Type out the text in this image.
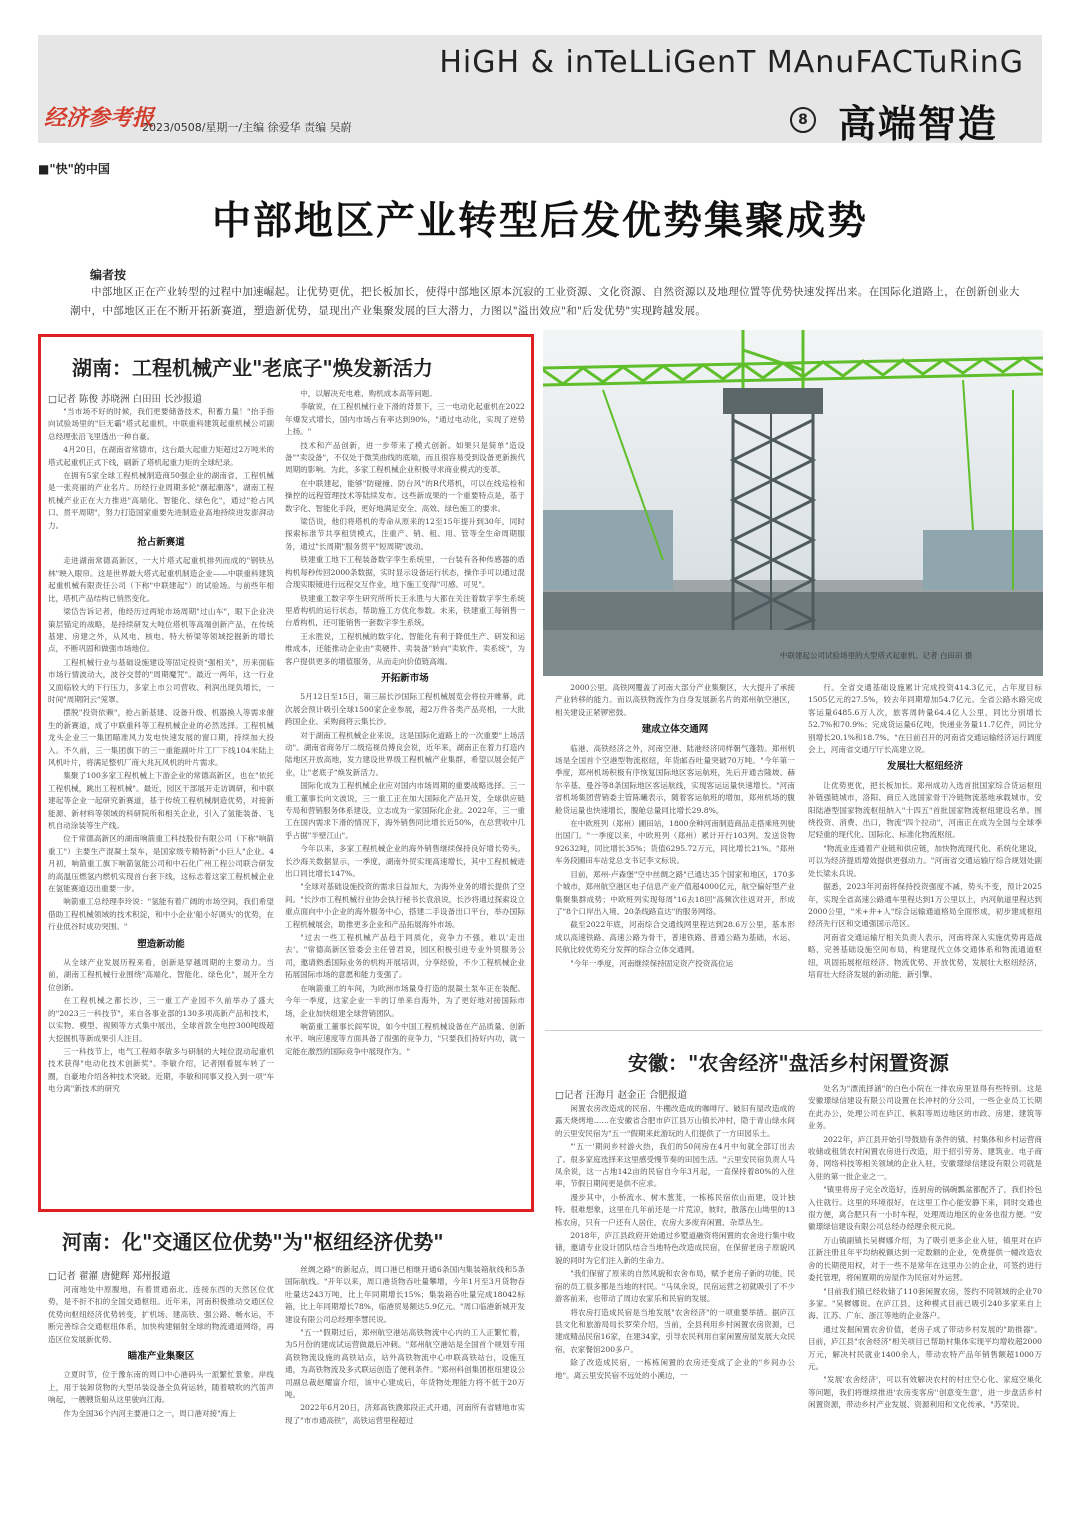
HiGH & inTeLLiGenT MAnuFACTuRinG
经济参考报
2023/0508/星期一/主编 徐爱华 责编 吴蔚	8 高端智造
■"快"的中国
中部地区产业转型后发优势集聚成势
编者按
中部地区正在产业转型的过程中加速崛起。让优势更优，把长板加长，使得中部地区原本沉寂的工业资源、文化资源、自然资源以及地理位置等优势快速发挥出来。在国际化道路上，在创新创业大潮中，中部地区正在不断开拓新赛道，塑造新优势，显现出产业集聚发展的巨大潜力，力图以"溢出效应"和"后发优势"实现跨越发展。
湖南：工程机械产业"老底子"焕发新活力
□记者 陈俊 苏晓洲 白田田 长沙报道

"当市场不好的时候，我们更要储备技术，积蓄力量！"抬手指向试验场里的"巨无霸"塔式起重机，中联重科建筑起重机械公司副总经理张沿飞里透出一种自豪。

4月20日，在湖南省常德市，这台最大起重力矩超过2万吨米的塔式起重机正式下线，刷新了塔机起重力矩的全球纪录。

在拥有5家全球工程机械制造商50强企业的湖南省，工程机械是一张亮丽的产业名片。历经行业周期多轮"潮起潮落"，湖南工程机械产业正在大力推进"高端化、智能化、绿色化"，通过"抢占风口、贯平周期"，努力打造国家重要先进制造业高地持续迸发澎湃动力。

抢占新赛道

走进湖南常德高新区，一大片塔式起重机排列而成的"钢铁丛林"映入眼帘。这是世界最大塔式起重机制造企业——中联重科建筑起重机械有限责任公司（下称"中联建起"）的试验场。与前些年相比，塔机产品结构已悄然变化。

梁岱告诉记者，他经历过两轮市场周期"过山车"，眼下企业决策层锚定的战略，是持续研发大吨位塔机等高端创新产品，在传统基建、房建之外，从风电、核电、特大桥梁等领域挖掘新的增长点，不断巩固和做强市场地位。

工程机械行业与基础设施建设等固定投资"强相关"，历来面临市场行情波动大，波谷交替的"周期魔咒"。最近一两年，这一行业又面临较大的下行压力，多家上市公司营收、利润出现负增长，一时间"周期阴云"笼罩。

摆脱"投资依赖"，抢占新基建、设备升级、机器换人等需求催生的新赛道，成了中联重科等工程机械企业的必然选择。工程机械龙头企业三一集团瞄准风力发电快速发展的窗口期，持续加大投入。不久前，三一集团旗下的三一重能副叶片工厂下线104米陆上风机叶片，将满足整机厂商大兆瓦风机的叶片需求。

集聚了100多家工程机械上下游企业的常德高新区，也在"依托工程机械，跳出工程机械"。最近，园区干部展开走访调研，和中联建起等企业一起研究新赛道，基于传统工程机械制造优势，对接新能源、新材料等领域的科研院所和相关企业，引入了氢能装备、飞机自动涂装等生产线。

位于常德高新区的湖南响箭重工科技股份有限公司（下称"响箭重工"）主要生产混凝土泵车，是国家级专精特新"小巨人"企业。4月初，响箭重工旗下响箭氢能公司和中石化广州工程公司联合研发的高温压燃氢内燃机实现首台套下线，这标志着这家工程机械企业在氢能赛道迈出重要一步。

响箭重工总经理李玲说："氢能有着广阔的市场空间，我们希望借助工程机械领域的技术积淀，和中小企业'船小好调头'的优势，在行业低谷时成功突围。"

塑造新动能

从全球产业发展历程来看，创新是穿越周期的主要动力。当前，湖南工程机械行业围绕"高端化、智能化、绿色化"，展开全方位创新。

在工程机械之都长沙，三一重工产业园不久前举办了盛大的"2023三一科技节"，来自各事业部的130多项高新产品和技术，以实物、模型、视频等方式集中展出，全球首款全电控300吨级超大挖掘机等新成果引人注目。

三一科技节上，电气工程师李敏多与研制的大吨位混动起重机技术获得"电动化技术创新奖"。李敏介绍，记者刚看展车转了一圈，自豪地介绍各种技术突破。近期，李敏和同事又投入到一项"车电分离"新技术的研究

中，以解决充电难、购机成本高等问题。

李敏说，在工程机械行业下滑的背景下，三一电动化起重机在2022年爆发式增长，国内市场占有率达到90%，"通过电动化，实现了逆势上扬。"

技术和产品创新，进一步带来了模式创新。如果只是简单"造设备""卖设备"，不仅处于微笑曲线的底端，而且很容易受到设备更新换代周期的影响。为此，多家工程机械企业积极寻求商业模式的变革。

在中联建起，能够"防碰撞、防台风"的R代塔机，可以在线巡检和操控的远程管理技术等陆续发布。这些新成果的一个重要特点是，基于数字化、智能化手段，更好地满足安全、高效、绿色施工的要求。

梁岱说，他们将塔机的寿命从原来的12至15年提升到30年，同时探索标准节共享租赁模式，注重产、销、租、用、管等全生命周期服务，通过"长周期"服务贯平"短周期"波动。

铁建重工地下工程装备数字孪生系统里，一台装有各种传感器的盾构机每秒传回2000条数据，实时显示设备运行状态，操作手可以通过混合现实眼镜进行远程交互作业，地下施工变得"可感、可见"。

铁建重工数字孪生研究所所长王永胜与大都在关注着数字孪生系统里盾构机的运行状态，帮助施工方优化参数。未来，铁建重工每销售一台盾构机，还可能销售一套数字孪生系统。

王永胜说，工程机械的数字化、智能化有利于降低生产、研发和运维成本，还能推动企业由"卖硬件、卖装备"转向"卖软件、卖系统"，为客户提供更多的增值服务，从而走向价值链高端。

开拓新市场

5月12日至15日，第三届长沙国际工程机械展览会将拉开帷幕，此次展会预计吸引全球1500家企业参展，超2万件各类产品亮相，一大批跨国企业、采购商将云集长沙。

对于湖南工程机械企业来说，这是国际化道路上的一次重要"上场活动"。湖南省商务厅二级巡视员傅良会说，近年来，湖南正在着力打造内陆地区开放高地，发力建设世界级工程机械产业集群，希望以展会促产业，让"老底子"焕发新活力。

国际化成为工程机械企业应对国内市场周期的重要战略选择。三一重工董事长向文波说，三一重工正在加大国际化产品开发，全球供应链专局和营销服务体系建设，立志成为一家国际化企业。2022年，三一重工在国内需求下滑的情况下，海外销售同比增长近50%，在总营收中几乎占据"半壁江山"。

今年以来，多家工程机械企业的海外销售继续保持良好增长势头。长沙海关数据显示，一季度，湖南外贸实现高速增长，其中工程机械进出口同比增长147%。

"全球对基础设施投资的需求日益加大，为海外业务的增长提供了空间。"长沙市工程机械行业协会执行秘书长袁浪说，长沙将通过探索设立重点面向中小企业的海外服务中心，搭建二手设备出口平台，举办国际工程机械展会，助推更多企业和产品拓展海外市场。

"过去一些工程机械产品趋于同质化，竞争力不强，难以'走出去'。"常德高新区管委会主任曾君说，园区积极引进专业外贸服务公司，邀请熟悉国际业务的机构开展培训，分享经验，不少工程机械企业拓展国际市场的意愿和能力变强了。

在响箭重工的车间，为欧洲市场量身打造的混凝土泵车正在装配。今年一季度，这家企业一半的订单来自海外，为了更好地对接国际市场，企业加快组建全球营销团队。

响箭重工董事长阎军说，如今中国工程机械设备在产品质量、创新水平、响应速度等方面具备了很强的竞争力，"只要我们持好内功，就一定能在激烈的国际竞争中展现作为。"

中联建起公司试验场里的大型塔式起重机。记者 白田田 摄

2000公里。高铁网覆盖了河南大部分产业集聚区，大大提升了承接产业转移的能力。而以高铁物流作为自身发展新名片的郑州航空港区，相关建设正紧锣密鼓。

建成立体交通网

临港、高铁经济之外，河南空港、陆港经济同样朝气蓬勃。郑州机场是全国首个空港型物流枢纽，年货邮吞吐量突破70万吨。"今年第一季度，郑州机场积极有序恢复国际地区客运航班，先后开通吉隆坡、赫尔辛基、曼谷等8条国际地区客运航线，实现客运运量快速增长。"河南省机场集团营销委主管陈曦表示，随着客运航班的增加，郑州机场的腹舱货运量也快速增长，腹舱总量同比增长29.8%。

在中欧班列（郑州）圃田站，1800余种河南制造商品走搭乘班列驶出国门。"一季度以来，中欧班列（郑州）累计开行103列。发送货物92632吨，同比增长35%；货值6295.72万元，同比增长21%。"郑州车务段圃田车站党总支书记李文标说。

目前，郑州-卢森堡"空中丝绸之路"已通达35个国家和地区，170多个城市，郑州航空港区电子信息产业产值超4000亿元，航空偏好型产业集聚集群成势；中欧班列实现每周"16去18回"高频次往返对开，形成了"8个口岸出入境、20条线路直达"的服务网络。

截至2022年底，河南综合交通线网里程达到28.6万公里，基本形成以高速铁路、高速公路为骨干，普速铁路、普通公路为基础，水运、民航比较优势充分发挥的综合立体交通网。

"今年一季度，河南继续保持固定资产投资高位运

行。全省交通基础设施累计完成投资414.3亿元，占年度目标1505亿元的27.5%，较去年同期增加54.7亿元。全省公路水路完成客运量6485.6万人次，旅客周转量64.4亿人公里，同比分别增长52.7%和70.9%；完成货运量6亿吨，快递业务量11.7亿件，同比分别增长20.1%和18.7%。"在日前召开的河南省交通运输经济运行调度会上，河南省交通厅厅长高建立说。

发展壮大枢纽经济

让优势更优，把长板加长。郑州成功入选首批国家综合货运枢纽补链强链城市，洛阳、商丘入选国家骨干冷链物流基地承载城市，安阳陆港型国家物流枢纽纳入"十四五"首批国家物流枢纽建设名单。围绕投资、消费、出口，物流"四个拉动"，河南正在成为全国与全球季尼轻重的现代化、国际化、标准化物流枢纽。

"物流业连通着产业链和供应链，加快物流现代化、系统化建设，可以为经济提质增效提供更强动力。"河南省交通运输厅综合规划处副处长梁永兵说。

据悉，2023年河南将保持投资强度不减、势头不变，预计2025年，实现全省高速公路通车里程达到1万公里以上，内河航道里程达到2000公里，"米+井+人"综合运输通道格局全面形成，初步建成枢纽经济先行区和交通强国示范区。

河南省交通运输厅相关负责人表示，河南将深入实施优势再造战略，完善基础设施空间布局，构建现代立体交通体系和物流通道枢纽，巩固拓展枢纽经济、物流优势、开放优势，发展壮大枢纽经济，培育壮大经济发展的新动能、新引擎。

安徽："农舍经济"盘活乡村闲置资源
□记者 汪海月 赵金正 合肥报道

闲置农房改造成的民宿、牛棚改造成的咖啡厅、破旧有屋改造成的露天烧烤地……在安徽省合肥市庐江县万山镇长冲村，隐于青山绿水间的云里安民宿为"五一"假期来此游玩的人们提供了一方田园乐土。

"'五一'期间乡村游火热，我们的50间房在4月中旬就全部订出去了。很多家庭选择来这里感受慢节奏的田园生活。"云里安民宿负责人马凤余说，这一占地142亩的民宿自今年3月起，一直保持着80%的入住率，节假日期间更是供不应求。

漫步其中，小桥流水、树木葱茏，一栋栋民宿依山而建，设计独特。很难想象，这里在几年前还是一片荒凉，彼时，散落在山坳里的13栋农房，只有一户还有人居住，农房大多废弃闲置、杂草丛生。

2018年，庐江县政府开始通过乡墅道融资将闲置的农舍进行集中收储，邀请专业设计团队结合当地特色改造成民宿，在保留老房子原貌风貌的同时为它们注入新的生命力。

"我们保留了原来的自然风貌和农舍布局，赋予老房子新的功能，民宿的员工很多都是当地的村民。"马凤余说，民宿运营之初就吸引了不少游客前来，也带动了周边农家乐和民宿的发展。

将农房打造成民宿是当地发展"农舍经济"的一项重要举措。据庐江县文化和旅游局局长罗荣介绍，当前，全县利用乡村闲置农房资源，已建成精品民宿16家，在建34家，引导农民利用自家闲置房屋发展大众民宿，农家餐馆200多户。

除了改造成民宿，一栋栋闲置的农房还变成了企业的"乡间办公地"。离云里安民宿不远处的小溪边，一

处名为"漂流择涵"的白色小院在一排农房里显得有些特别。这是安徽璟绿信建设有限公司设置在长冲村的分公司，一些企业员工长期在此办公，处理公司在庐江、枞阳等周边地区的市政、房建、建筑等业务。

2022年，庐江县开始引导鼓励有条件的镇、村集体和乡村运营商收储或租赁农村闲置农房进行改造，用于招引劳务、建筑业、电子商务、网络科技等相关领域的企业入驻，安徽璟绿信建设有限公司就是入驻的第一批企业之一。

"镇里将房子完全改造好，连厨房的锅碗瓢盆都配齐了，我们拎包入住就行。这里的环境很好，在这里工作心能安静下来，同时交通也很方便，离合肥只有一小时车程，处理周边地区的业务也很方便。"安徽璟绿信建设有限公司总经办经理余祝元说。

万山镇副镇长吴樨娜介绍，为了吸引更多企业入驻，镇里对在庐江新注册且年平均纳税额达到一定数额的企业，免费提供一幢改造农舍的长期使用权，对于一些不是常年在这里办公的企业，可签约进行委托管理，将闲置期的房屋作为民宿对外运营。

"目前我们镇已经收储了110套闲置农房，签约不同领域的企业70多家。"吴樨娜说。在庐江县，这种模式目前已吸引240多家来自上海、江苏、广东、浙江等地的企业落户。

通过发掘闲置农舍价值，老房子成了带动乡村发展的"助推器"。目前，庐江县"农舍经济"相关项目已帮助村集体实现平均增收超2000万元，解决村民就业1400余人，带动农特产品年销售额超1000万元。

"发展'农舍经济'，可以有效解决农村的村庄空心化、家庭空巢化等问题，我们将继续推进'农房变客房''创意变生意'，进一步盘活乡村闲置资源，带动乡村产业发展、资源利用和文化传承。"苏荣说。

河南：化"交通区位优势"为"枢纽经济优势"
□记者 翟濯 唐健辉 郑州报道

河南地处中原腹地，有着贯通南北、连接东西的天然区位优势，是不折不扣的全国交通枢纽。近年来，河南积极推动交通区位优势向枢纽经济优势转变，扩机场、建高铁、强公路、畅水运，不断完善综合交通枢纽体系，加快构建辐射全球的物流通道网络，再造区位发展新优势。

瞄准产业集聚区

立夏时节，位于豫东南的周口中心港码头一派繁忙景象。岸线上，用于装卸货物的大型吊装设备全负荷运转，随着喷吹的汽笛声响起，一艘艘货船从这里驶向江海。

作为全国36个内河主要港口之一，周口港对接"海上

丝绸之路"的新起点，周口港已相继开通6条国内集装箱航线和5条国际航线。"开年以来，周口港货物吞吐量攀增，今年1月至3月货物吞吐量达243万吨，比上年同期增长15%；集装箱吞吐量完成18042标箱，比上年同期增长78%，临港贸易额达5.9亿元。"周口临港新城开发建设有限公司总经理李慧民说。

"五一"假期过后，郑州航空港站高铁物流中心内的工人正繁忙着，为5月份的建成试运营做最后冲刺。"郑州航空港站是全国首个规划专用高铁物流设施的高铁站点，站外高铁物流中心申联高铁站台，设施互通，为高铁物流及多式联运创造了便利条件。"郑州科创集团枢纽建设公司副总裁赵耀富介绍，该中心建成后，年货物处理能力将不低于20万吨。

2022年6月20日，济郑高铁濮郑段正式开通，河南所有省辖地市实现了"市市通高铁"，高铁运营里程超过
